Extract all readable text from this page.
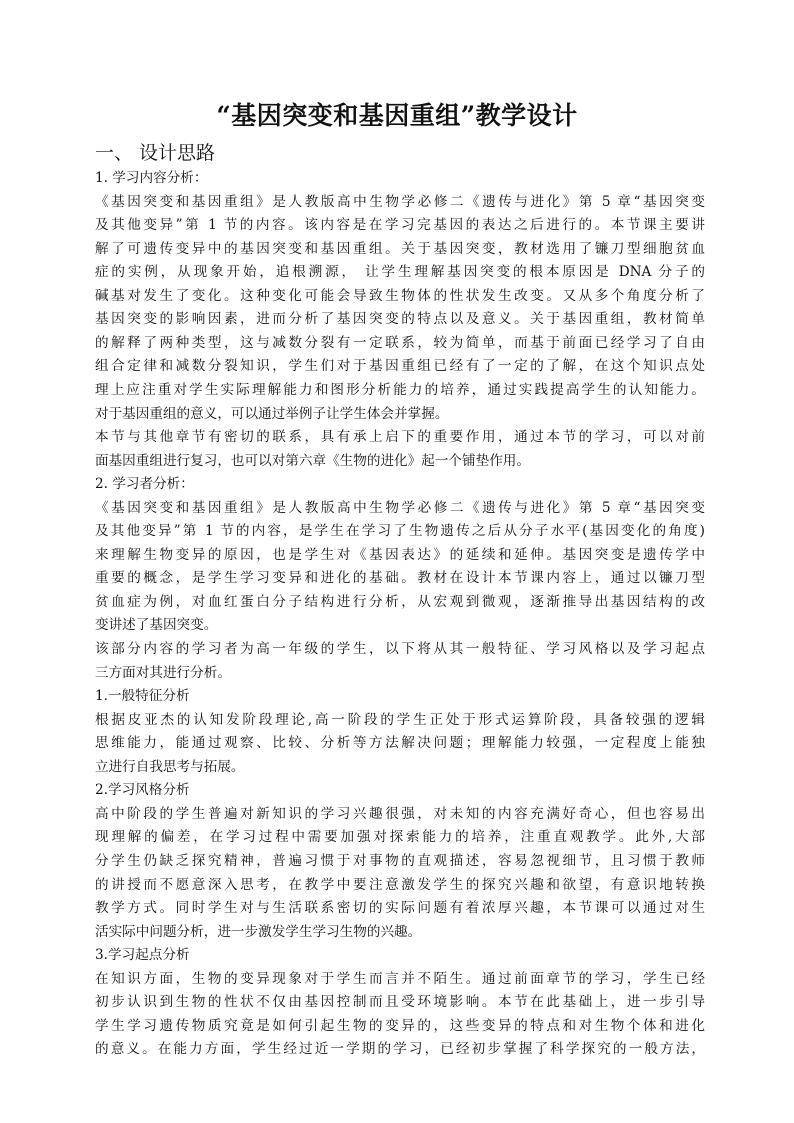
“基因突变和基因重组”教学设计
一、 设计思路
1. 学习内容分析：
《基因突变和基因重组》是人教版高中生物学必修二《遗传与进化》第 5 章“基因突变
及其他变异”第 1 节的内容。该内容是在学习完基因的表达之后进行的。本节课主要讲
解了可遗传变异中的基因突变和基因重组。关于基因突变，教材选用了镰刀型细胞贫血
症的实例，从现象开始，追根溯源， 让学生理解基因突变的根本原因是 DNA 分子的
碱基对发生了变化。这种变化可能会导致生物体的性状发生改变。又从多个角度分析了
基因突变的影响因素，进而分析了基因突变的特点以及意义。关于基因重组，教材简单
的解释了两种类型，这与减数分裂有一定联系，较为简单，而基于前面已经学习了自由
组合定律和减数分裂知识，学生们对于基因重组已经有了一定的了解，在这个知识点处
理上应注重对学生实际理解能力和图形分析能力的培养，通过实践提高学生的认知能力。
对于基因重组的意义，可以通过举例子让学生体会并掌握。
本节与其他章节有密切的联系，具有承上启下的重要作用，通过本节的学习，可以对前
面基因重组进行复习，也可以对第六章《生物的进化》起一个铺垫作用。
2. 学习者分析：
《基因突变和基因重组》是人教版高中生物学必修二《遗传与进化》第 5 章“基因突变
及其他变异”第 1 节的内容，是学生在学习了生物遗传之后从分子水平(基因变化的角度)
来理解生物变异的原因，也是学生对《基因表达》的延续和延伸。基因突变是遗传学中
重要的概念，是学生学习变异和进化的基础。教材在设计本节课内容上，通过以镰刀型
贫血症为例，对血红蛋白分子结构进行分析，从宏观到微观，逐渐推导出基因结构的改
变讲述了基因突变。
该部分内容的学习者为高一年级的学生，以下将从其一般特征、学习风格以及学习起点
三方面对其进行分析。
1.一般特征分析
根据皮亚杰的认知发阶段理论,高一阶段的学生正处于形式运算阶段，具备较强的逻辑
思维能力，能通过观察、比较、分析等方法解决问题；理解能力较强，一定程度上能独
立进行自我思考与拓展。
2.学习风格分析
高中阶段的学生普遍对新知识的学习兴趣很强，对未知的内容充满好奇心，但也容易出
现理解的偏差，在学习过程中需要加强对探索能力的培养，注重直观教学。此外,大部
分学生仍缺乏探究精神，普遍习惯于对事物的直观描述，容易忽视细节，且习惯于教师
的讲授而不愿意深入思考，在教学中要注意激发学生的探究兴趣和欲望，有意识地转换
教学方式。同时学生对与生活联系密切的实际问题有着浓厚兴趣，本节课可以通过对生
活实际中问题分析，进一步激发学生学习生物的兴趣。
3.学习起点分析
在知识方面，生物的变异现象对于学生而言并不陌生。通过前面章节的学习，学生已经
初步认识到生物的性状不仅由基因控制而且受环境影响。本节在此基础上，进一步引导
学生学习遗传物质究竟是如何引起生物的变异的，这些变异的特点和对生物个体和进化
的意义。在能力方面，学生经过近一学期的学习，已经初步掌握了科学探究的一般方法，
